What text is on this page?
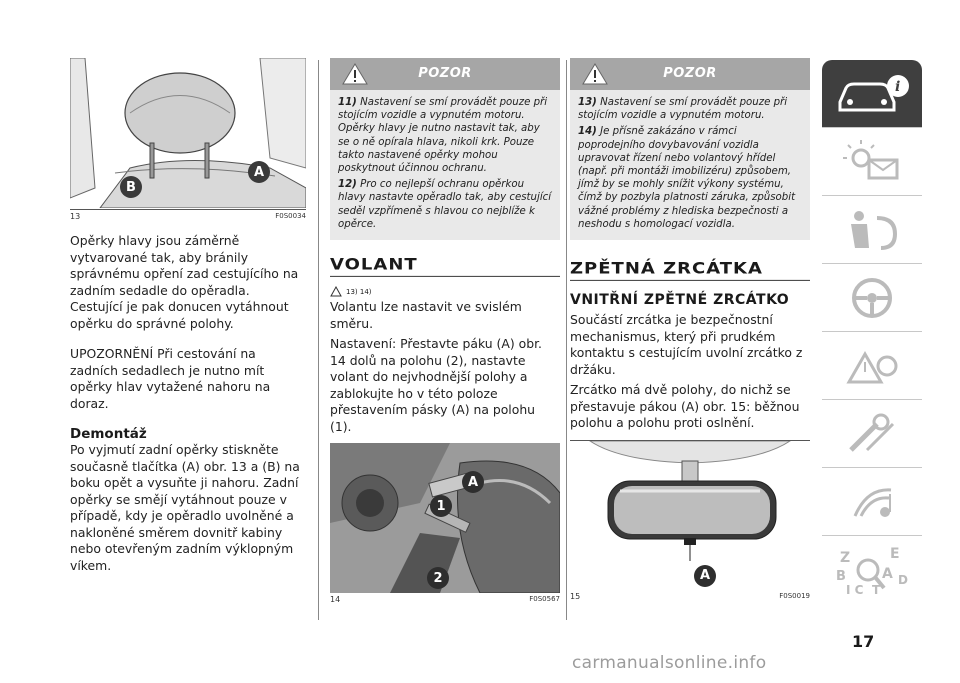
A
B
13	F0S0034

Opěrky hlavy jsou záměrně vytvarované tak, aby bránily správnému opření zad cestujícího na zadním sedadle do opěradla. Cestující je pak donucen vytáhnout opěrku do správné polohy.

UPOZORNĚNÍ Při cestování na zadních sedadlech je nutno mít opěrky hlav vytažené nahoru na doraz.

Demontáž

Po vyjmutí zadní opěrky stiskněte současně tlačítka (A) obr. 13 a (B) na boku opět a vysuňte ji nahoru. Zadní opěrky se smějí vytáhnout pouze v případě, kdy je opěradlo uvolněné a nakloněné směrem dovnitř kabiny nebo otevřeným zadním výklopným víkem.

POZOR
11) Nastavení se smí provádět pouze při stojícím vozidle a vypnutém motoru. Opěrky hlavy je nutno nastavit tak, aby se o ně opírala hlava, nikoli krk. Pouze takto nastavené opěrky mohou poskytnout účinnou ochranu.
12) Pro co nejlepší ochranu opěrkou hlavy nastavte opěradlo tak, aby cestující seděl vzpřímeně s hlavou co nejblíže k opěrce.
VOLANT
13) 14)

Volantu lze nastavit ve svislém směru.

Nastavení: Přestavte páku (A) obr. 14 dolů na polohu (2), nastavte volant do nejvhodnější polohy a zablokujte ho v této poloze přestavením pásky (A) na polohu (1).

A
1
2
14	F0S0567
POZOR
13) Nastavení se smí provádět pouze při stojícím vozidle a vypnutém motoru.
14) Je přísně zakázáno v rámci poprodejního dovybavování vozidla upravovat řízení nebo volantový hřídel (např. při montáži imobilizéru) způsobem, jímž by se mohly snížit výkony systému, čímž by pozbyla platnosti záruka, způsobit vážné problémy z hlediska bezpečnosti a neshodu s homologací vozidla.
ZPĚTNÁ ZRCÁTKA
VNITŘNÍ ZPĚTNÉ ZRCÁTKO

Součástí zrcátka je bezpečnostní mechanismus, který při prudkém kontaktu s cestujícím uvolní zrcátko z držáku.

Zrcátko má dvě polohy, do nichž se přestavuje pákou (A) obr. 15: běžnou polohu a polohu proti oslnění.

A
15	F0S0019
i
Z	E
B	A D
I C T
17
carmanualsonline.info
